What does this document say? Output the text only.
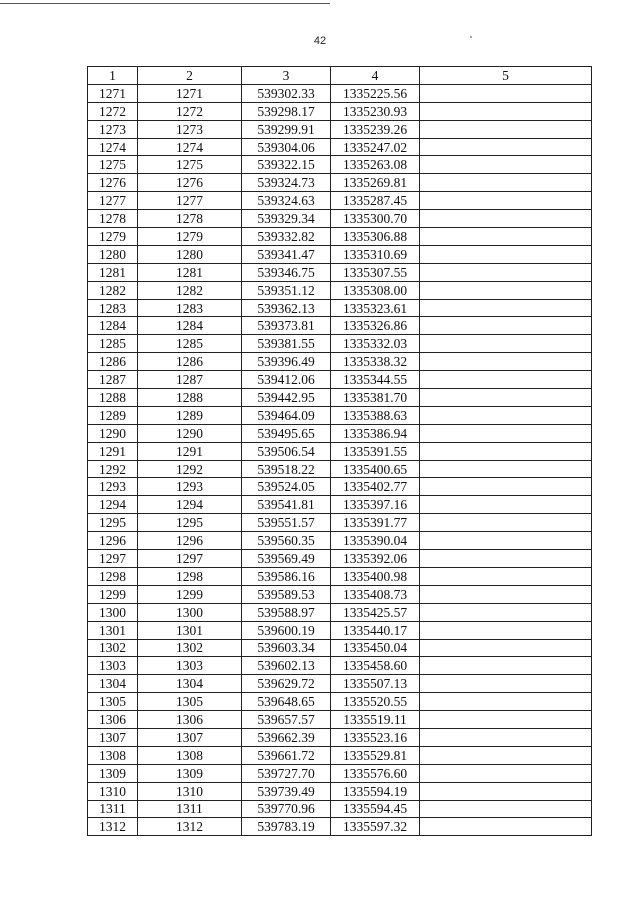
42
1	2	3	4	5
1271	1271	539302.33	1335225.56	
1272	1272	539298.17	1335230.93	
1273	1273	539299.91	1335239.26	
1274	1274	539304.06	1335247.02	
1275	1275	539322.15	1335263.08	
1276	1276	539324.73	1335269.81	
1277	1277	539324.63	1335287.45	
1278	1278	539329.34	1335300.70	
1279	1279	539332.82	1335306.88	
1280	1280	539341.47	1335310.69	
1281	1281	539346.75	1335307.55	
1282	1282	539351.12	1335308.00	
1283	1283	539362.13	1335323.61	
1284	1284	539373.81	1335326.86	
1285	1285	539381.55	1335332.03	
1286	1286	539396.49	1335338.32	
1287	1287	539412.06	1335344.55	
1288	1288	539442.95	1335381.70	
1289	1289	539464.09	1335388.63	
1290	1290	539495.65	1335386.94	
1291	1291	539506.54	1335391.55	
1292	1292	539518.22	1335400.65	
1293	1293	539524.05	1335402.77	
1294	1294	539541.81	1335397.16	
1295	1295	539551.57	1335391.77	
1296	1296	539560.35	1335390.04	
1297	1297	539569.49	1335392.06	
1298	1298	539586.16	1335400.98	
1299	1299	539589.53	1335408.73	
1300	1300	539588.97	1335425.57	
1301	1301	539600.19	1335440.17	
1302	1302	539603.34	1335450.04	
1303	1303	539602.13	1335458.60	
1304	1304	539629.72	1335507.13	
1305	1305	539648.65	1335520.55	
1306	1306	539657.57	1335519.11	
1307	1307	539662.39	1335523.16	
1308	1308	539661.72	1335529.81	
1309	1309	539727.70	1335576.60	
1310	1310	539739.49	1335594.19	
1311	1311	539770.96	1335594.45	
1312	1312	539783.19	1335597.32	
